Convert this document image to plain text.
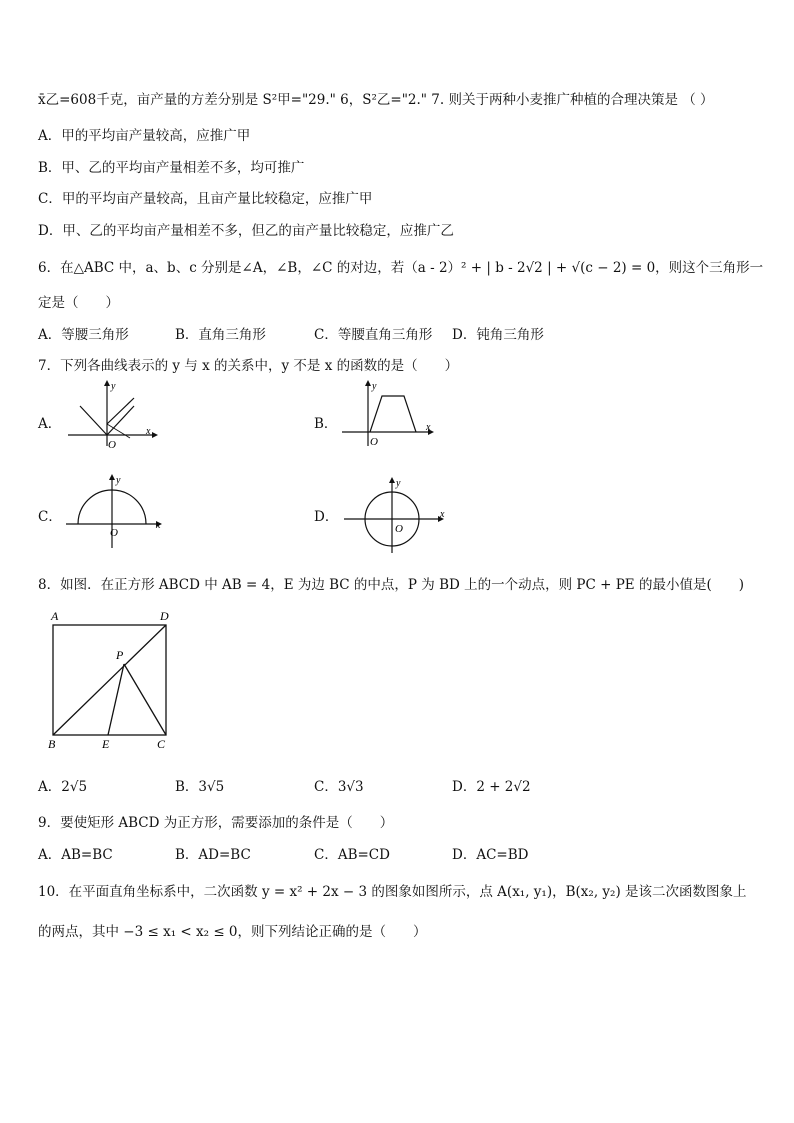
x̄乙=608千克，亩产量的方差分别是 S²甲="29." 6，S²乙="2." 7. 则关于两种小麦推广种植的合理决策是 （ ）
A．甲的平均亩产量较高，应推广甲
B．甲、乙的平均亩产量相差不多，均可推广
C．甲的平均亩产量较高，且亩产量比较稳定，应推广甲
D．甲、乙的平均亩产量相差不多，但乙的亩产量比较稳定，应推广乙
6．在△ABC 中，a、b、c 分别是∠A，∠B，∠C 的对边，若（a - 2）² + | b - 2√2 | + √(c − 2) = 0，则这个三角形一
定是（　　）
A．等腰三角形	B．直角三角形	C．等腰直角三角形 D．钝角三角形
7．下列各曲线表示的 y 与 x 的关系中，y 不是 x 的函数的是（　　）
A．
y
x
O
B．
y
x
O
C．
y
x
O
D．
y
x
O
8．如图．在正方形 ABCD 中 AB = 4，E 为边 BC 的中点，P 为 BD 上的一个动点，则 PC + PE 的最小值是(　　)
A	D
P
B	E	C
A．2√5	B．3√5	C．3√3	D．2 + 2√2
9．要使矩形 ABCD 为正方形，需要添加的条件是（　　）
A．AB=BC	B．AD=BC	C．AB=CD	D．AC=BD
10．在平面直角坐标系中，二次函数 y = x² + 2x − 3 的图象如图所示，点 A(x₁, y₁)，B(x₂, y₂) 是该二次函数图象上
的两点，其中 −3 ≤ x₁ < x₂ ≤ 0，则下列结论正确的是（　　）
